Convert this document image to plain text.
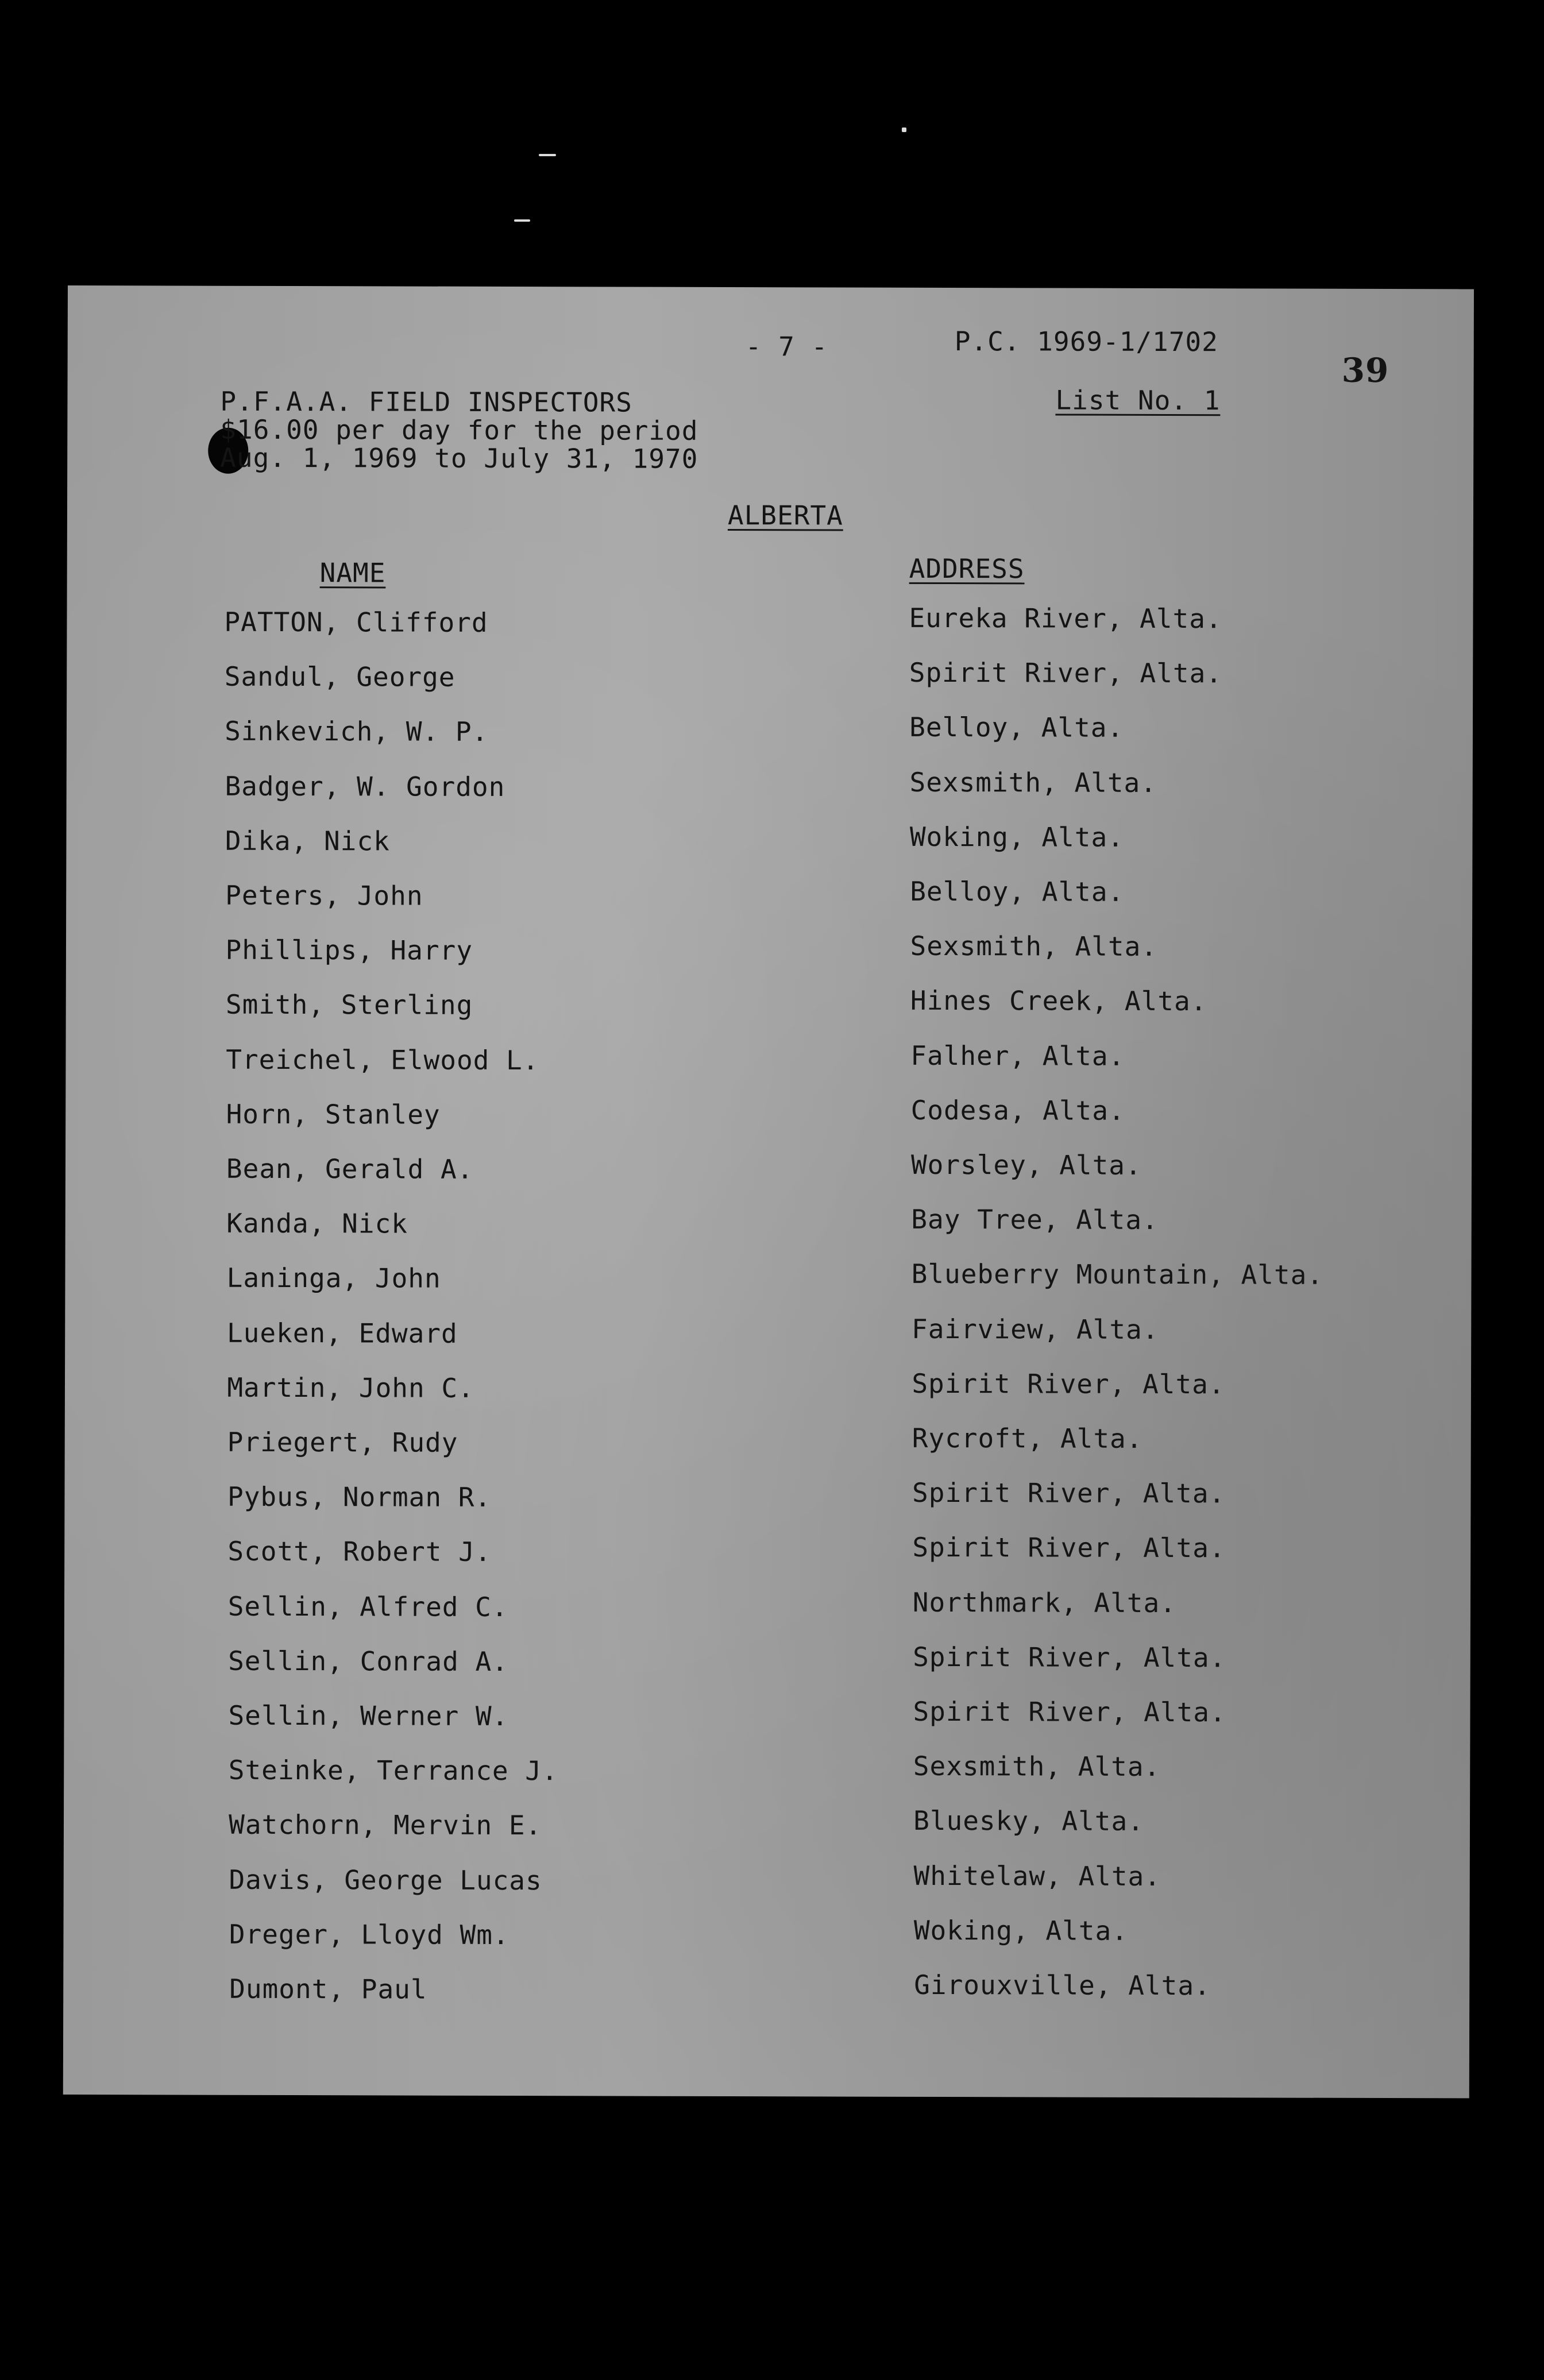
- 7 -	P.C. 1969-1/1702
39
P.F.A.A. FIELD INSPECTORS
$16.00 per day for the period
Aug. 1, 1969 to July 31, 1970
List No. 1
ALBERTA
NAME	ADDRESS
PATTON, Clifford	Eureka River, Alta.
Sandul, George	Spirit River, Alta.
Sinkevich, W. P.	Belloy, Alta.
Badger, W. Gordon	Sexsmith, Alta.
Dika, Nick	Woking, Alta.
Peters, John	Belloy, Alta.
Phillips, Harry	Sexsmith, Alta.
Smith, Sterling	Hines Creek, Alta.
Treichel, Elwood L.	Falher, Alta.
Horn, Stanley	Codesa, Alta.
Bean, Gerald A.	Worsley, Alta.
Kanda, Nick	Bay Tree, Alta.
Laninga, John	Blueberry Mountain, Alta.
Lueken, Edward	Fairview, Alta.
Martin, John C.	Spirit River, Alta.
Priegert, Rudy	Rycroft, Alta.
Pybus, Norman R.	Spirit River, Alta.
Scott, Robert J.	Spirit River, Alta.
Sellin, Alfred C.	Northmark, Alta.
Sellin, Conrad A.	Spirit River, Alta.
Sellin, Werner W.	Spirit River, Alta.
Steinke, Terrance J.	Sexsmith, Alta.
Watchorn, Mervin E.	Bluesky, Alta.
Davis, George Lucas	Whitelaw, Alta.
Dreger, Lloyd Wm.	Woking, Alta.
Dumont, Paul	Girouxville, Alta.
